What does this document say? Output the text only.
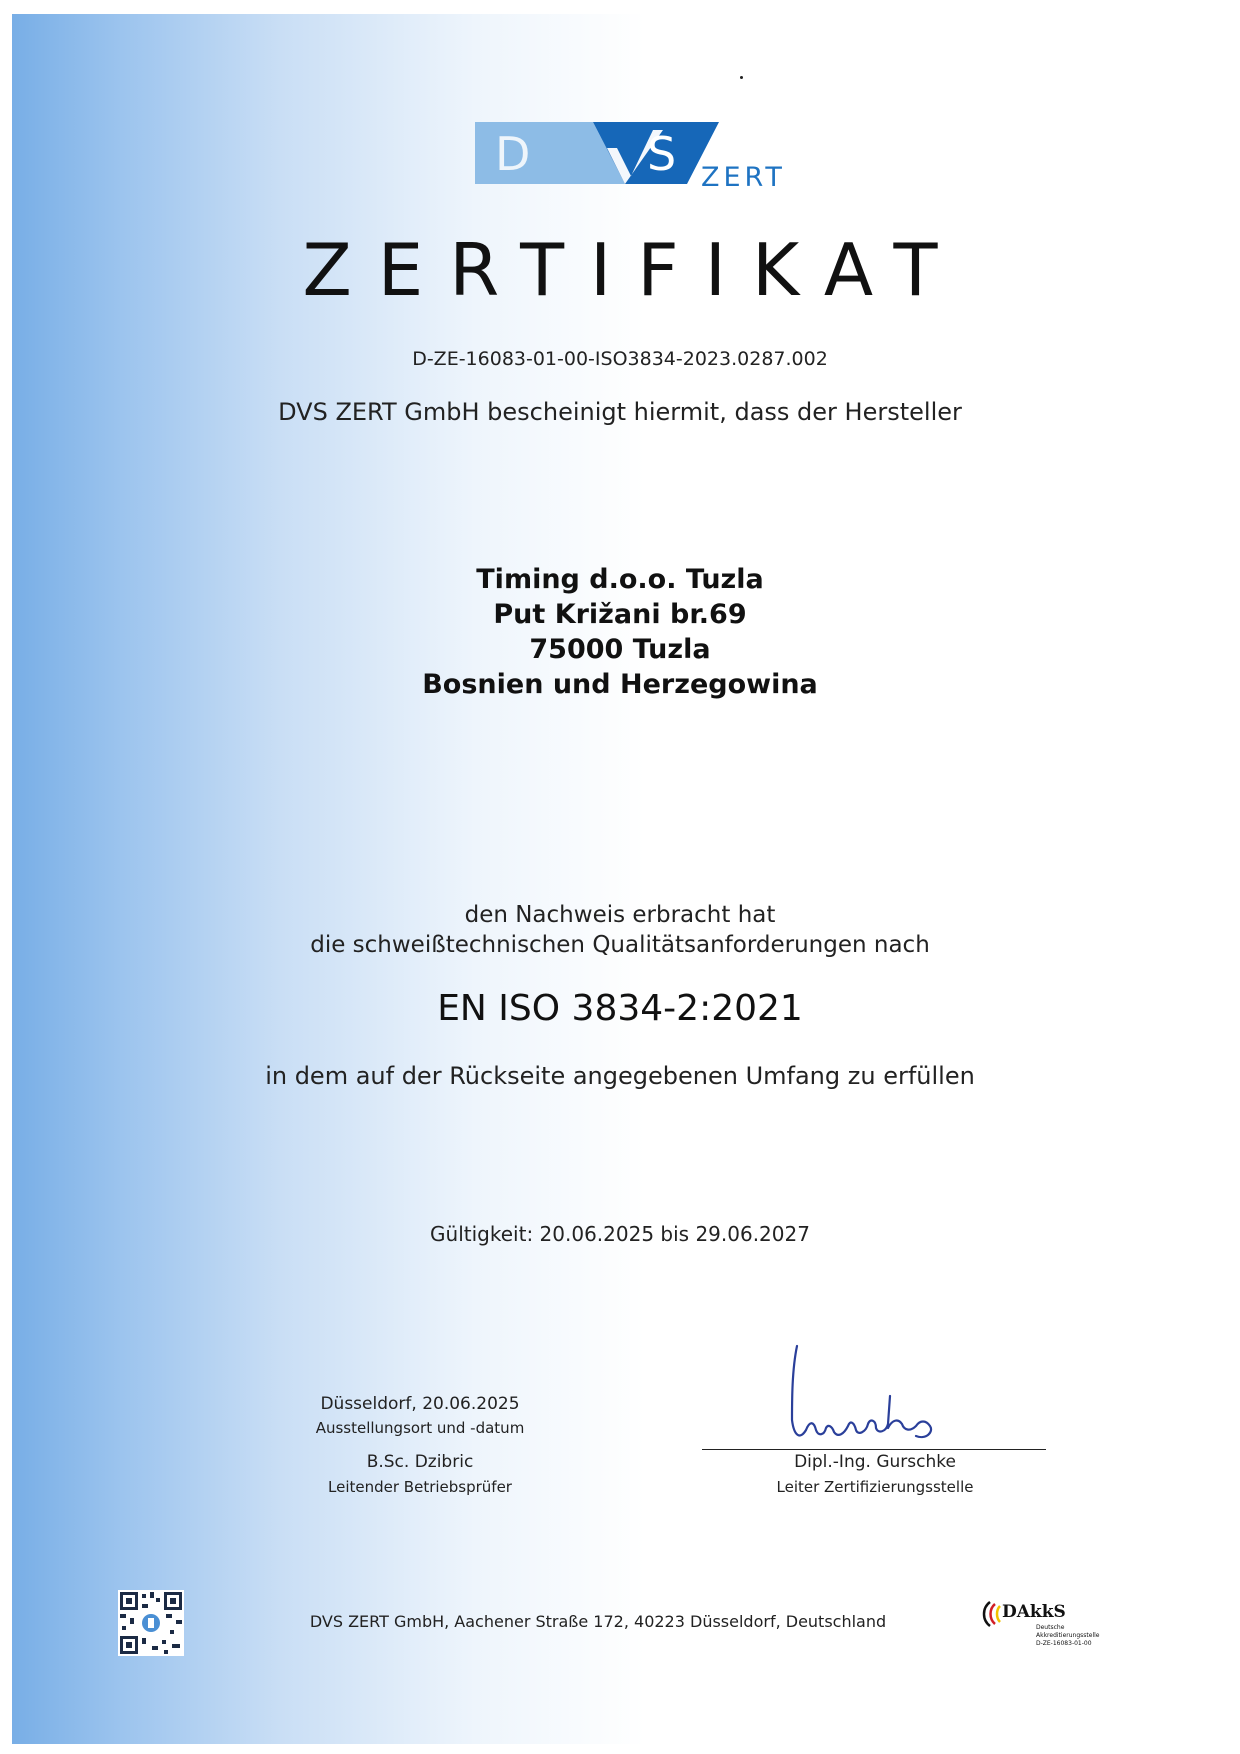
D	S ZERT
ZERTIFIKAT
D-ZE-16083-01-00-ISO3834-2023.0287.002
DVS ZERT GmbH bescheinigt hiermit, dass der Hersteller
Timing d.o.o. Tuzla
Put Križani br.69
75000 Tuzla
Bosnien und Herzegowina
den Nachweis erbracht hat
die schweißtechnischen Qualitätsanforderungen nach
EN ISO 3834-2:2021
in dem auf der Rückseite angegebenen Umfang zu erfüllen
Gültigkeit: 20.06.2025 bis 29.06.2027
Düsseldorf, 20.06.2025
Ausstellungsort und -datum
B.Sc. Dzibric
Leitender Betriebsprüfer
Dipl.-Ing. Gurschke
Leiter Zertifizierungsstelle
DVS ZERT GmbH, Aachener Straße 172, 40223 Düsseldorf, Deutschland	DAkkS
Deutsche
Akkreditierungsstelle
D-ZE-16083-01-00
